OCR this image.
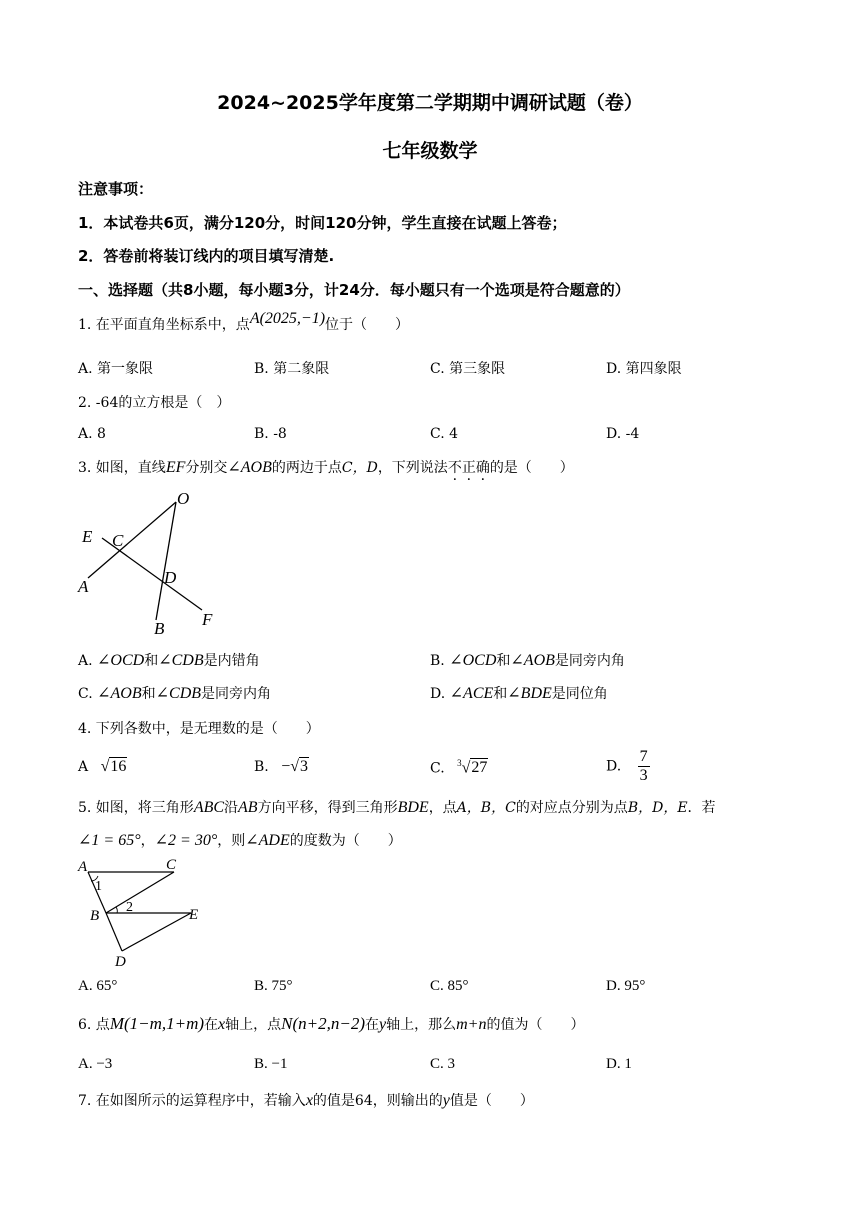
2024~2025学年度第二学期期中调研试题（卷）
七年级数学
注意事项：
1．本试卷共6页，满分120分，时间120分钟，学生直接在试题上答卷；
2．答卷前将装订线内的项目填写清楚.
一、选择题（共8小题，每小题3分，计24分．每小题只有一个选项是符合题意的）
1. 在平面直角坐标系中，点A(2025,−1)位于（　　）
A. 第一象限	B. 第二象限	C. 第三象限	D. 第四象限
2. -64的立方根是（　）
A. 8	B. -8	C. 4	D. -4
3. 如图，直线EF分别交∠AOB的两边于点C，D，下列说法不正确的是（　　）
O
E C
A	D
B F
A. ∠OCD和∠CDB是内错角	B. ∠OCD和∠AOB是同旁内角
C. ∠AOB和∠CDB是同旁内角	D. ∠ACE和∠BDE是同位角
4. 下列各数中，是无理数的是（　　）
A √16	B. −√3	C. $^3$√27	D. $\frac{7}{3}$
5. 如图，将三角形ABC沿AB方向平移，得到三角形BDE，点A，B，C的对应点分别为点B，D，E．若
∠1 = 65°，∠2 = 30°，则∠ADE的度数为（　　）
A	C
1
2
B	E
D
A. 65°	B. 75°	C. 85°	D. 95°
6. 点M(1−m,1+m)在x轴上，点N(n+2,n−2)在y轴上，那么m+n的值为（　　）
A. −3	B. −1	C. 3	D. 1
7. 在如图所示的运算程序中，若输入x的值是64，则输出的y值是（　　）
